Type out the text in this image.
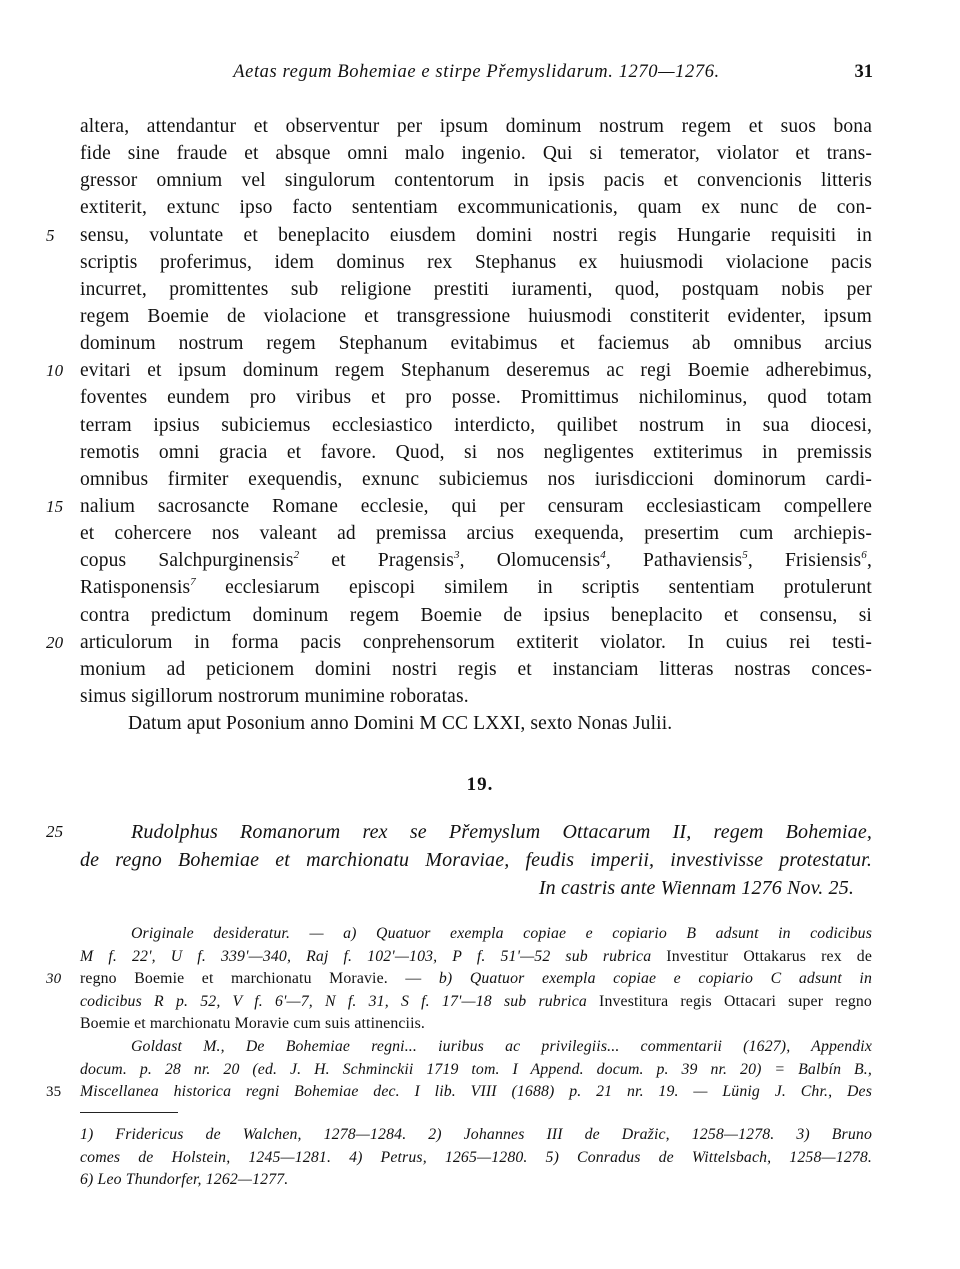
Aetas regum Bohemiae e stirpe Přemyslidarum. 1270—1276.	31
altera, attendantur et observentur per ipsum dominum nostrum regem et suos bona
fide sine fraude et absque omni malo ingenio. Qui si temerator, violator et trans-
gressor omnium vel singulorum contentorum in ipsis pacis et convencionis litteris
extiterit, extunc ipso facto sententiam excommunicationis, quam ex nunc de con-
5 sensu, voluntate et beneplacito eiusdem domini nostri regis Hungarie requisiti in
scriptis proferimus, idem dominus rex Stephanus ex huiusmodi violacione pacis
incurret, promittentes sub religione prestiti iuramenti, quod, postquam nobis per
regem Boemie de violacione et transgressione huiusmodi constiterit evidenter, ipsum
dominum nostrum regem Stephanum evitabimus et faciemus ab omnibus arcius
10 evitari et ipsum dominum regem Stephanum deseremus ac regi Boemie adherebimus,
foventes eundem pro viribus et pro posse. Promittimus nichilominus, quod totam
terram ipsius subiciemus ecclesiastico interdicto, quilibet nostrum in sua diocesi,
remotis omni gracia et favore. Quod, si nos negligentes extiterimus in premissis
omnibus firmiter exequendis, exnunc subiciemus nos iurisdiccioni dominorum cardi-
15 nalium sacrosancte Romane ecclesie, qui per censuram ecclesiasticam compellere
et cohercere nos valeant ad premissa arcius exequenda, presertim cum archiepis-
copus Salchpurginensis$^2$ et Pragensis$^3$, Olomucensis$^4$, Pathaviensis$^5$, Frisiensis$^6$,
Ratisponensis$^7$ ecclesiarum episcopi similem in scriptis sententiam protulerunt
contra predictum dominum regem Boemie de ipsius beneplacito et consensu, si
20 articulorum in forma pacis conprehensorum extiterit violator. In cuius rei testi-
monium ad peticionem domini nostri regis et instanciam litteras nostras conces-
simus sigillorum nostrorum munimine roboratas.
Datum aput Posonium anno Domini M CC LXXI, sexto Nonas Julii.
19.
25	Rudolphus Romanorum rex se Přemyslum Ottacarum II, regem Bohemiae,
de regno Bohemiae et marchionatu Moraviae, feudis imperii, investivisse protestatur.
In castris ante Wiennam 1276 Nov. 25.
Originale desideratur. — a) Quatuor exempla copiae e copiario B adsunt in codicibus
M f. 22', U f. 339'—340, Raj f. 102'—103, P f. 51'—52 sub rubrica Investitur Ottakarus rex de
30 regno Boemie et marchionatu Moravie. — b) Quatuor exempla copiae e copiario C adsunt in
codicibus R p. 52, V f. 6'—7, N f. 31, S f. 17'—18 sub rubrica Investitura regis Ottacari super regno
Boemie et marchionatu Moravie cum suis attinenciis.
Goldast M., De Bohemiae regni... iuribus ac privilegiis... commentarii (1627), Appendix
docum. p. 28 nr. 20 (ed. J. H. Schminckii 1719 tom. I Append. docum. p. 39 nr. 20) = Balbín B.,
35 Miscellanea historica regni Bohemiae dec. I lib. VIII (1688) p. 21 nr. 19. — Lünig J. Chr., Des
1) Fridericus de Walchen, 1278—1284. 2) Johannes III de Dražic, 1258—1278. 3) Bruno
comes de Holstein, 1245—1281. 4) Petrus, 1265—1280. 5) Conradus de Wittelsbach, 1258—1278.
6) Leo Thundorfer, 1262—1277.
